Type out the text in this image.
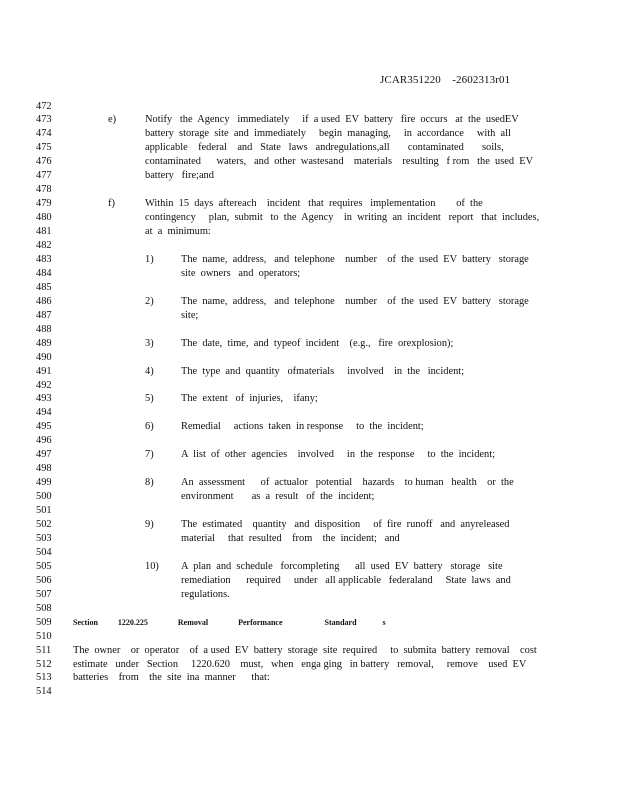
JCAR351220    -2602313r01
472
473	e)	Notify   the  Agency   immediately     if  a used  EV  battery   fire  occurs   at  the  usedEV
474	battery  storage  site  and  immediately     begin  managing,     in  accordance     with  all
475	applicable    federal    and   State   laws   andregulations,all       contaminated       soils,
476	contaminated      waters,   and  other  wastesand    materials    resulting   f rom   the  used  EV
477	battery   fire;and
478
479	f)	Within  15  days  aftereach    incident   that  requires   implementation        of  the
480	contingency     plan,  submit   to  the  Agency    in  writing  an  incident   report   that  includes,
481	at  a  minimum:
482
483	1)	The  name,  address,   and  telephone    number    of  the  used  EV  battery   storage
484	site  owners   and  operators;
485
486	2)	The  name,  address,   and  telephone    number    of  the  used  EV  battery   storage
487	site;
488
489	3)	The  date,  time,  and  typeof  incident    (e.g.,   fire  orexplosion);
490
491	4)	The  type  and  quantity   ofmaterials     involved    in  the   incident;
492
493	5)	The  extent   of  injuries,    ifany;
494
495	6)	Remedial     actions  taken  in response     to  the  incident;
496
497	7)	A  list  of  other  agencies    involved     in  the  response     to  the  incident;
498
499	8)	An  assessment      of  actualor   potential    hazards    to human   health    or  the
500	environment       as  a  result   of  the  incident;
501
502	9)	The  estimated    quantity   and  disposition     of  fire  runoff   and  anyreleased
503	material     that  resulted    from    the  incident;   and
504
505	10) A  plan  and  schedule   forcompleting      all  used  EV  battery   storage   site
506	remediation      required     under   all applicable   federaland     State  laws  and
507	regulations.
508
509	Section          1220.225               Removal               Performance                     Standard             s
510
511	The  owner    or  operator    of  a used  EV  battery  storage  site  required     to  submita  battery  removal    cost
512	estimate   under   Section     1220.620    must,   when   enga ging   in battery   removal,     remove    used  EV
513	batteries    from    the  site  ina  manner      that:
514
